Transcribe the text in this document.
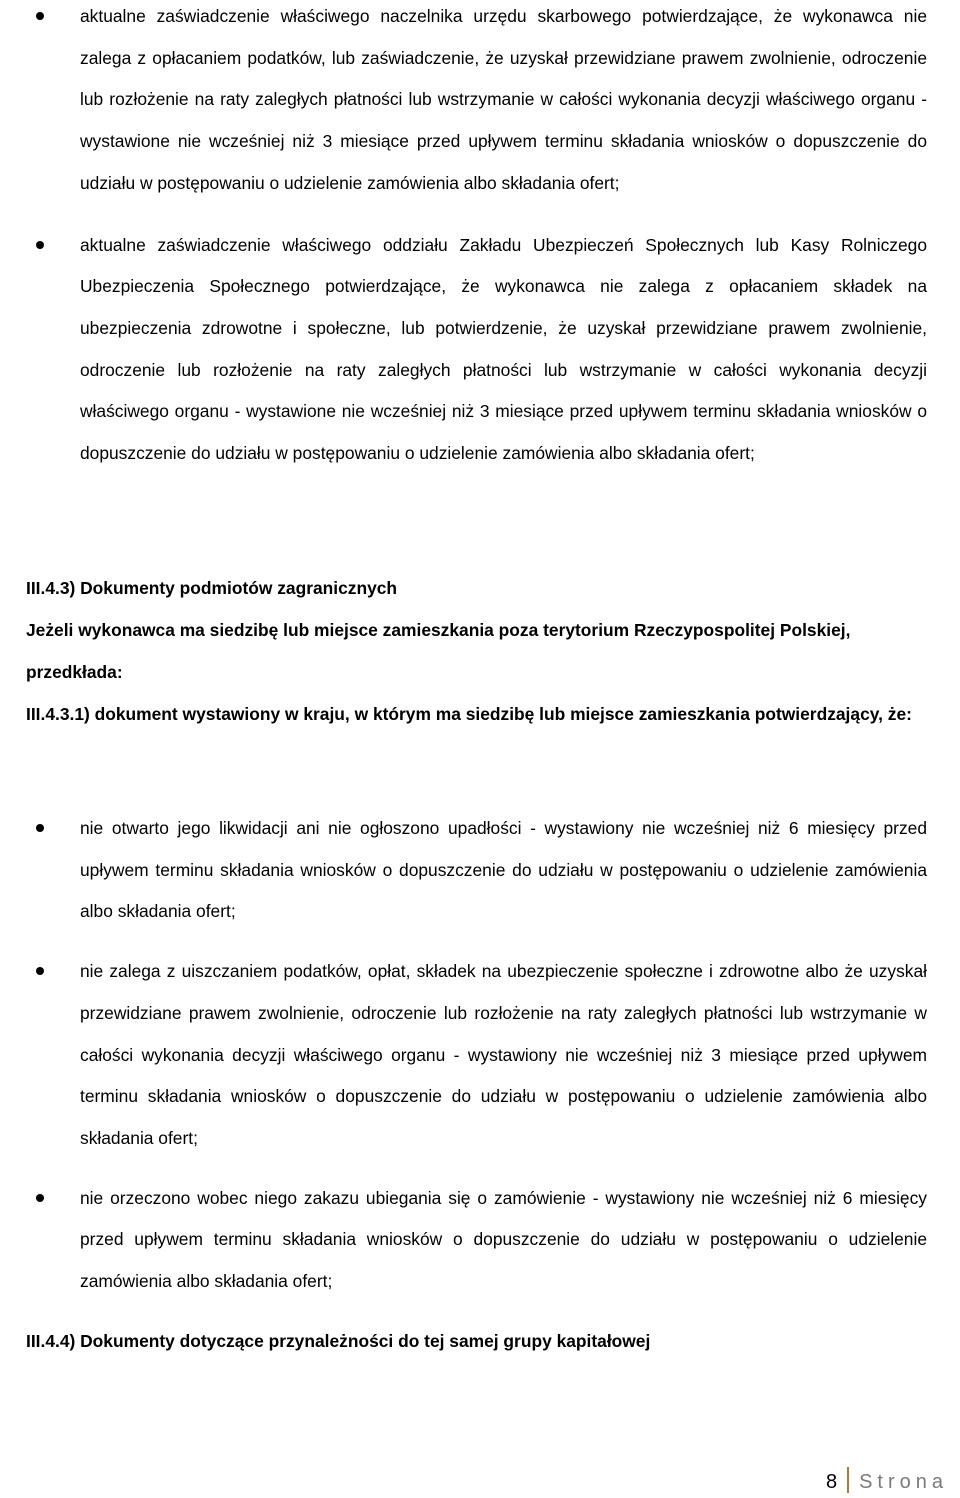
aktualne zaświadczenie właściwego naczelnika urzędu skarbowego potwierdzające, że wykonawca nie zalega z opłacaniem podatków, lub zaświadczenie, że uzyskał przewidziane prawem zwolnienie, odroczenie lub rozłożenie na raty zaległych płatności lub wstrzymanie w całości wykonania decyzji właściwego organu - wystawione nie wcześniej niż 3 miesiące przed upływem terminu składania wniosków o dopuszczenie do udziału w postępowaniu o udzielenie zamówienia albo składania ofert;
aktualne zaświadczenie właściwego oddziału Zakładu Ubezpieczeń Społecznych lub Kasy Rolniczego Ubezpieczenia Społecznego potwierdzające, że wykonawca nie zalega z opłacaniem składek na ubezpieczenia zdrowotne i społeczne, lub potwierdzenie, że uzyskał przewidziane prawem zwolnienie, odroczenie lub rozłożenie na raty zaległych płatności lub wstrzymanie w całości wykonania decyzji właściwego organu - wystawione nie wcześniej niż 3 miesiące przed upływem terminu składania wniosków o dopuszczenie do udziału w postępowaniu o udzielenie zamówienia albo składania ofert;

III.4.3) Dokumenty podmiotów zagranicznych

Jeżeli wykonawca ma siedzibę lub miejsce zamieszkania poza terytorium Rzeczypospolitej Polskiej, przedkłada:

III.4.3.1) dokument wystawiony w kraju, w którym ma siedzibę lub miejsce zamieszkania potwierdzający, że:

nie otwarto jego likwidacji ani nie ogłoszono upadłości - wystawiony nie wcześniej niż 6 miesięcy przed upływem terminu składania wniosków o dopuszczenie do udziału w postępowaniu o udzielenie zamówienia albo składania ofert;
nie zalega z uiszczaniem podatków, opłat, składek na ubezpieczenie społeczne i zdrowotne albo że uzyskał przewidziane prawem zwolnienie, odroczenie lub rozłożenie na raty zaległych płatności lub wstrzymanie w całości wykonania decyzji właściwego organu - wystawiony nie wcześniej niż 3 miesiące przed upływem terminu składania wniosków o dopuszczenie do udziału w postępowaniu o udzielenie zamówienia albo składania ofert;
nie orzeczono wobec niego zakazu ubiegania się o zamówienie - wystawiony nie wcześniej niż 6 miesięcy przed upływem terminu składania wniosków o dopuszczenie do udziału w postępowaniu o udzielenie zamówienia albo składania ofert;

III.4.4) Dokumenty dotyczące przynależności do tej samej grupy kapitałowej

8 Strona
